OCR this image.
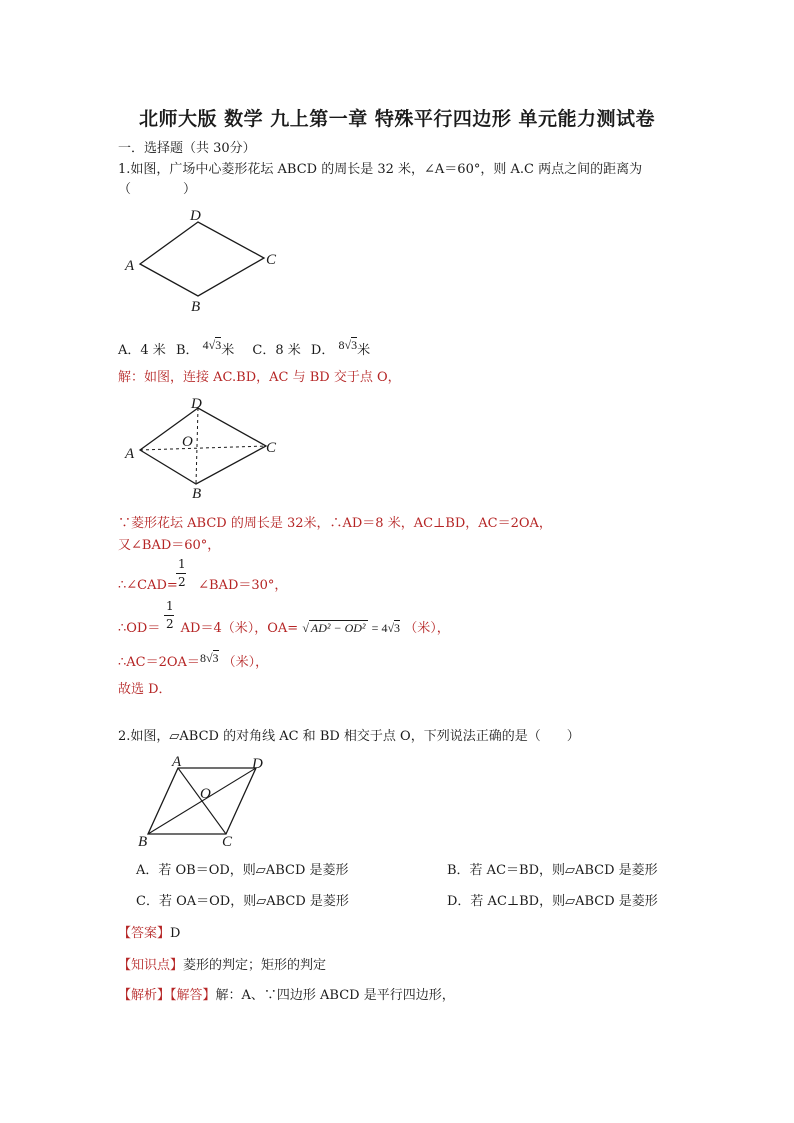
北师大版 数学 九上第一章 特殊平行四边形 单元能力测试卷
一．选择题（共 30分）
1.如图，广场中心菱形花坛 ABCD 的周长是 32 米，∠A＝60°，则 A.C 两点之间的距离为
（　　　　）
D
A	C
B
A．4 米 B． 4√3米 C．8 米 D． 8√3米
解：如图，连接 AC.BD，AC 与 BD 交于点 O，
D
A	C
B
O
∵菱形花坛 ABCD 的周长是 32米，∴AD＝8 米，AC⊥BD，AC＝2OA，
又∠BAD＝60°，
∴∠CAD= ∠BAD＝30°，
1
2
∴OD＝ AD＝4（米），OA= √ AD² − OD² = 4√3 （米），
1
2
∴AC＝2OA＝8√3 （米），
故选 D．
2.如图，▱ABCD 的对角线 AC 和 BD 相交于点 O，下列说法正确的是（　　）
A	D
B	C
O
A．若 OB＝OD，则▱ABCD 是菱形	B．若 AC＝BD，则▱ABCD 是菱形
C．若 OA＝OD，则▱ABCD 是菱形	D．若 AC⊥BD，则▱ABCD 是菱形
【答案】D
【知识点】菱形的判定；矩形的判定
【解析】【解答】解：A、∵四边形 ABCD 是平行四边形，
